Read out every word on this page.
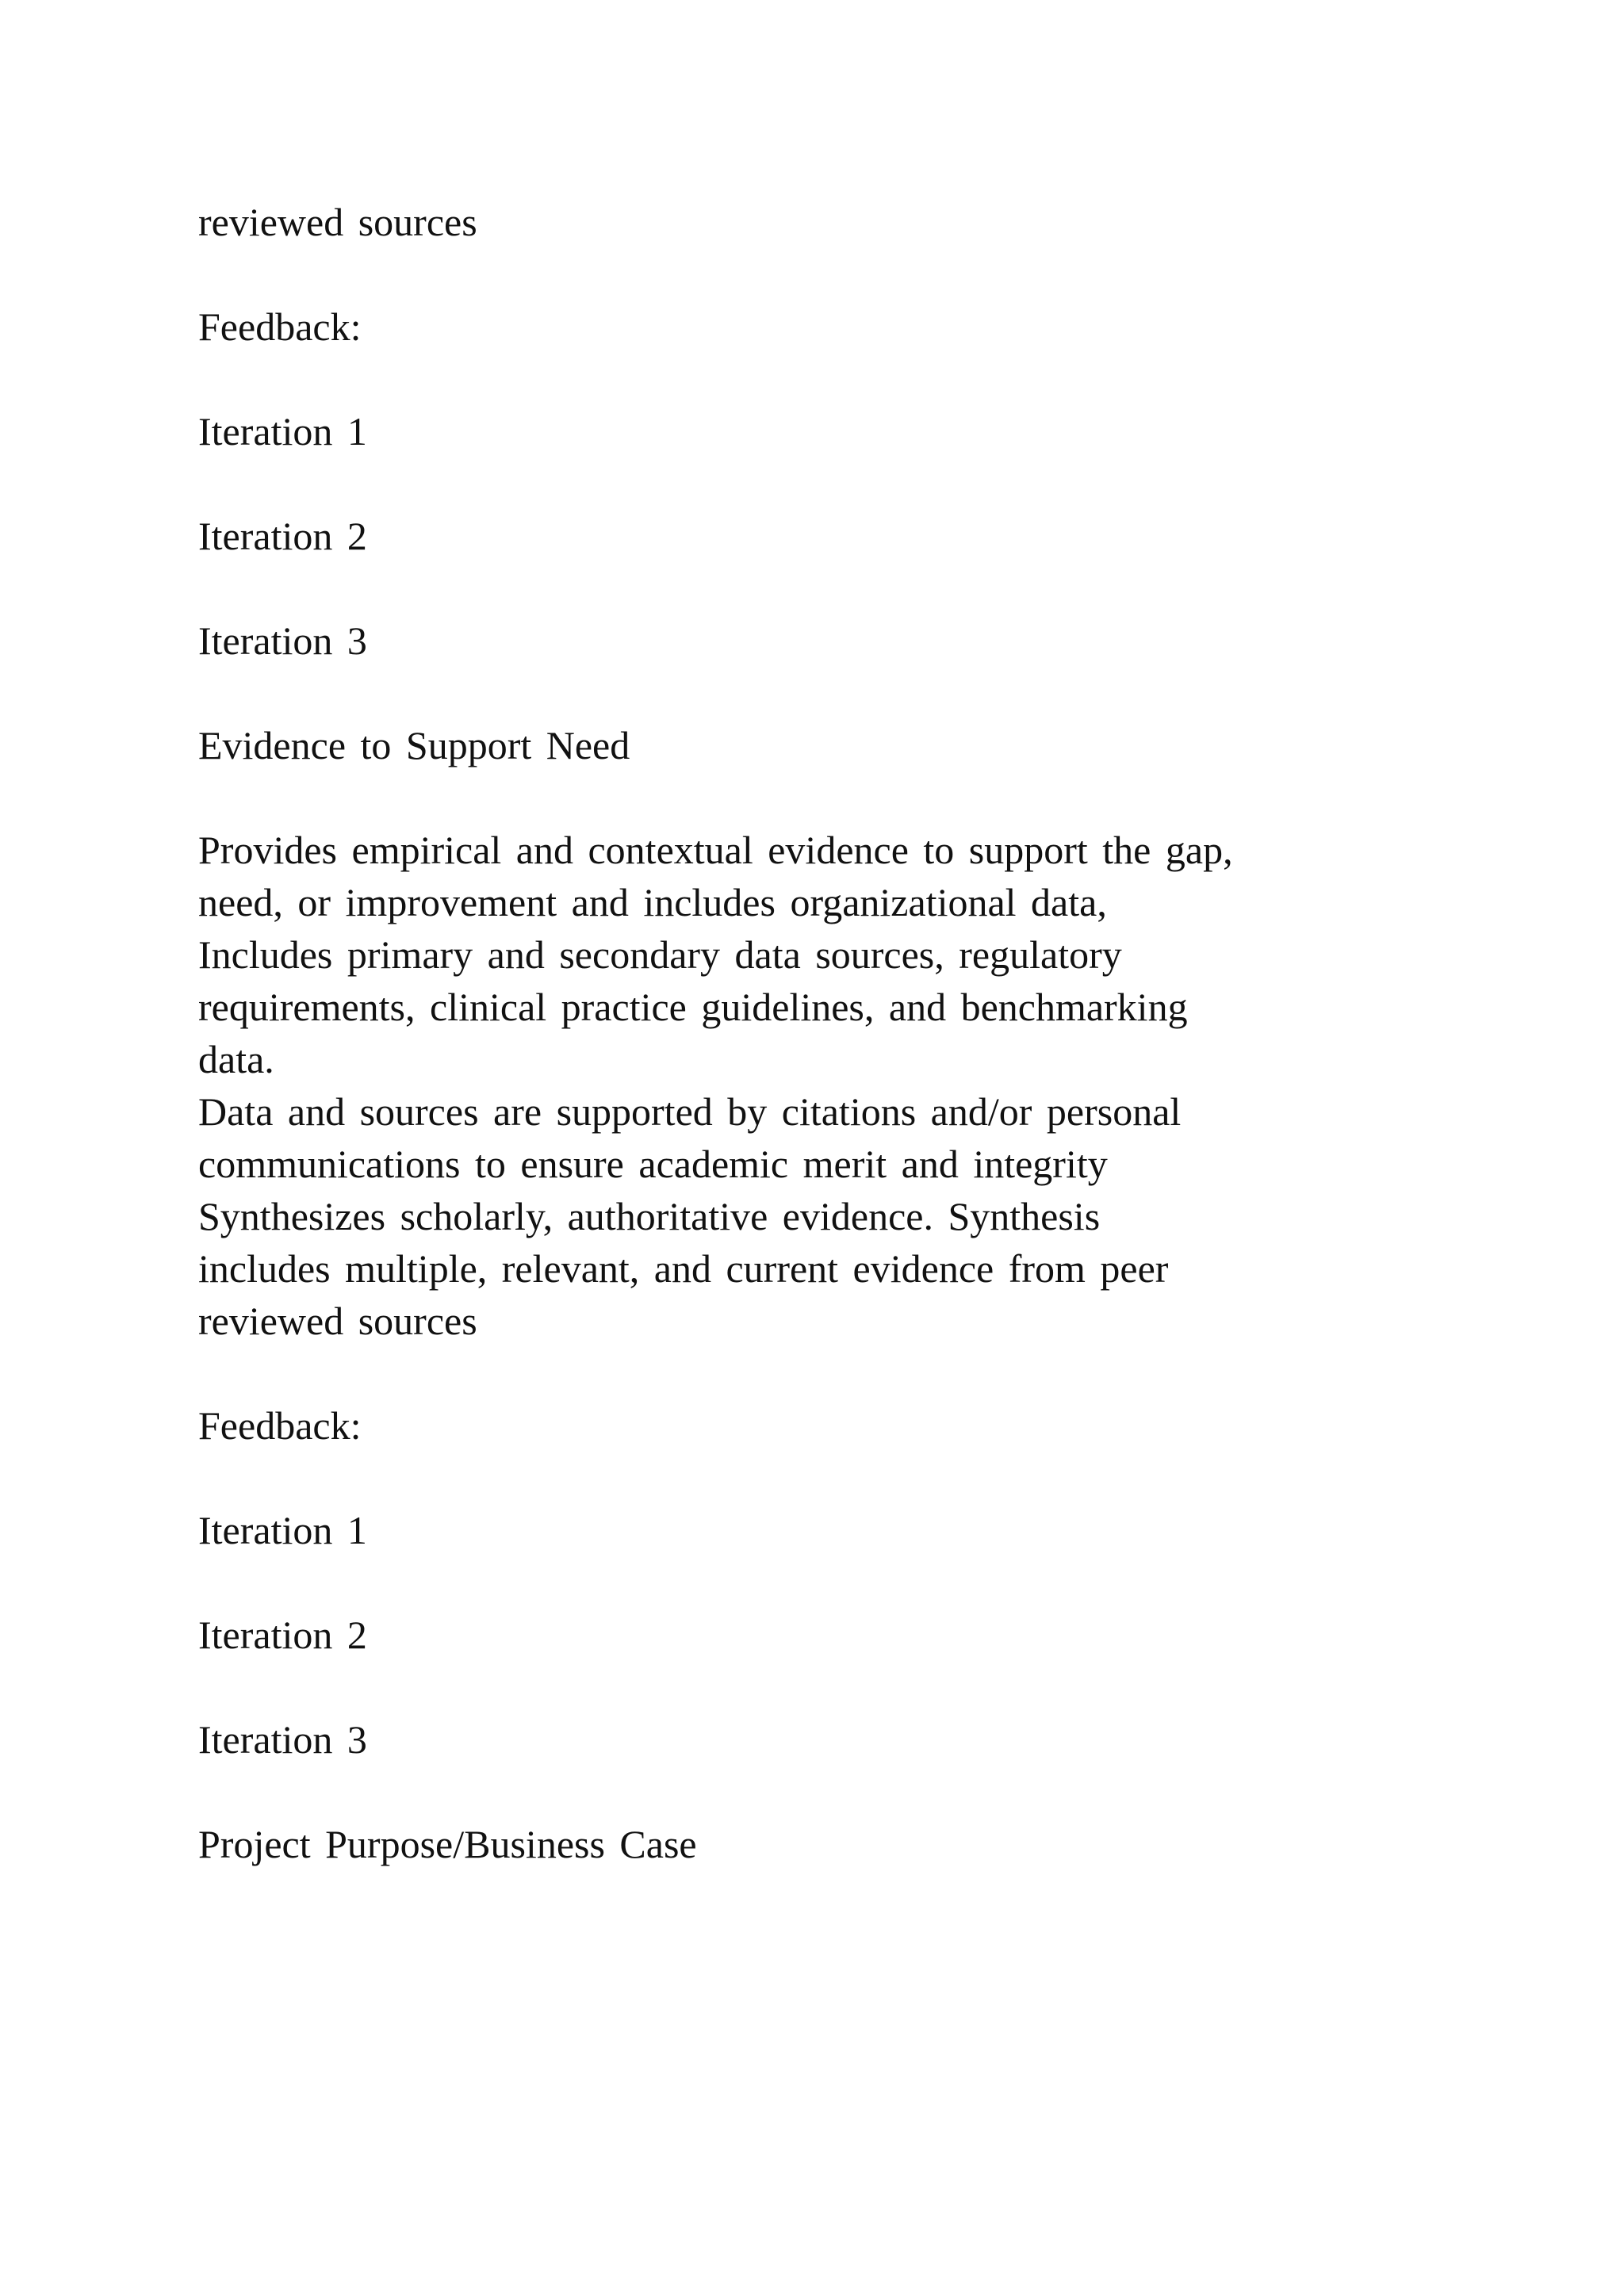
reviewed sources

Feedback:

Iteration 1

Iteration 2

Iteration 3

Evidence to Support Need

Provides empirical and contextual evidence to support the gap,

need, or improvement and includes organizational data,

Includes primary and secondary data sources, regulatory

requirements, clinical practice guidelines, and benchmarking

data.

Data and sources are supported by citations and/or personal

communications to ensure academic merit and integrity

Synthesizes scholarly, authoritative evidence. Synthesis

includes multiple, relevant, and current evidence from peer

reviewed sources

Feedback:

Iteration 1

Iteration 2

Iteration 3

Project Purpose/Business Case
